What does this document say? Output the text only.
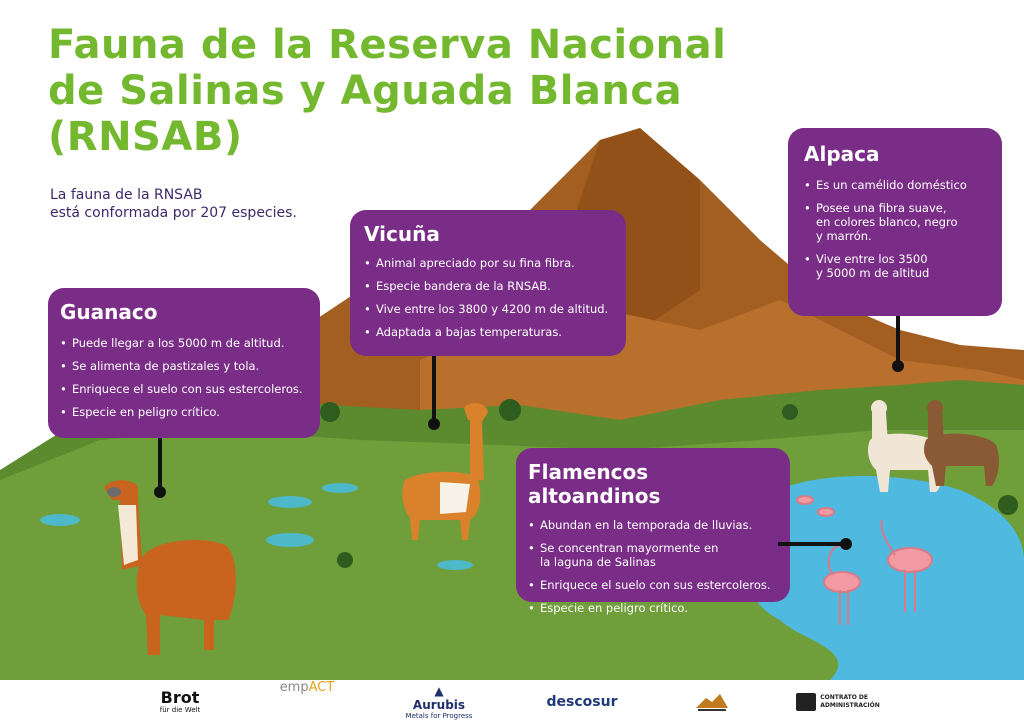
Fauna de la Reserva Nacional de Salinas y Aguada Blanca (RNSAB)

La fauna de la RNSAB
está conformada por 207 especies.

Guanaco
• Puede llegar a los 5000 m de altitud.
• Se alimenta de pastizales y tola.
• Enriquece el suelo con sus estercoleros.
• Especie en peligro crítico.
Vicuña
• Animal apreciado por su fina fibra.
• Especie bandera de la RNSAB.
• Vive entre los 3800 y 4200 m de altitud.
• Adaptada a bajas temperaturas.
Alpaca
• Es un camélido doméstico
• Posee una fibra suave,
en colores blanco, negro
y marrón.
• Vive entre los 3500
y 5000 m de altitud
Flamencos altoandinos
• Abundan en la temporada de lluvias.
• Se concentran mayormente en
la laguna de Salinas
• Enriquece el suelo con sus estercoleros.
• Especie en peligro crítico.
Brot
für die Welt
emp ACT	▲
Aurubis
Metals for Progress
descosur	CONTRATO DE
ADMINISTRACIÓN
